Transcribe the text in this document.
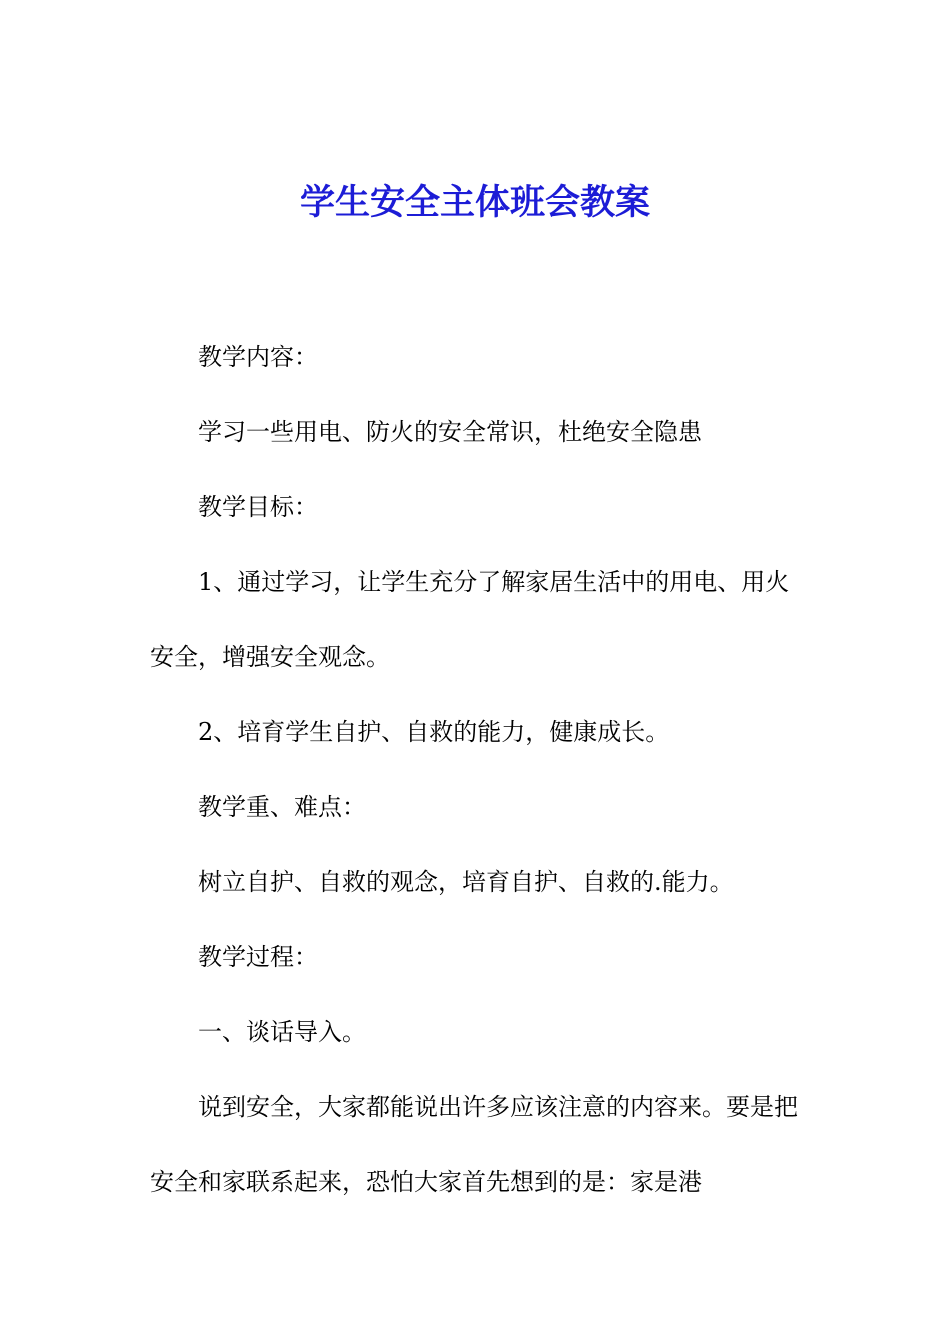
学生安全主体班会教案

教学内容：

学习一些用电、防火的安全常识，杜绝安全隐患

教学目标：

1、通过学习，让学生充分了解家居生活中的用电、用火安全，增强安全观念。

2、培育学生自护、自救的能力，健康成长。

教学重、难点：

树立自护、自救的观念，培育自护、自救的.能力。

教学过程：

一、谈话导入。

说到安全，大家都能说出许多应该注意的内容来。要是把安全和家联系起来，恐怕大家首先想到的是：家是港
